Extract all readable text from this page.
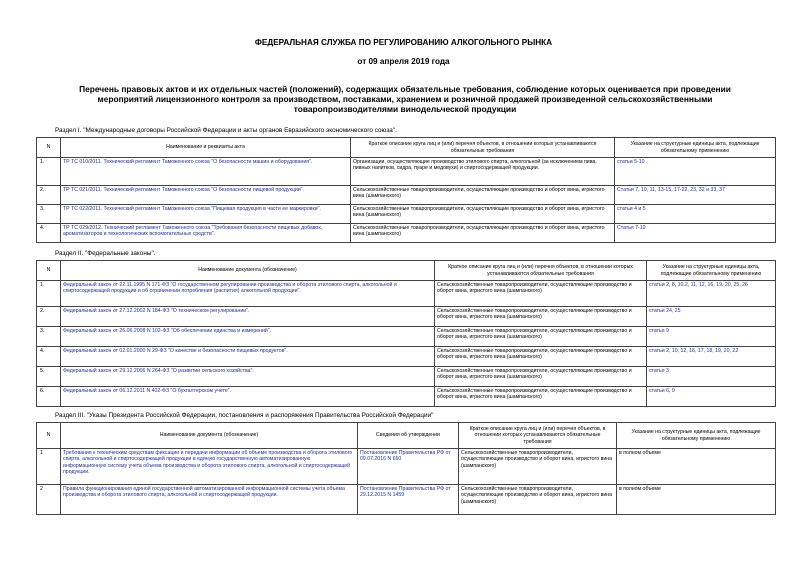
ФЕДЕРАЛЬНАЯ СЛУЖБА ПО РЕГУЛИРОВАНИЮ АЛКОГОЛЬНОГО РЫНКА
от 09 апреля 2019 года
Перечень правовых актов и их отдельных частей (положений), содержащих обязательные требования, соблюдение которых оценивается при проведении мероприятий лицензионного контроля за производством, поставками, хранением и розничной продажей произведенной сельскохозяйственными товаропроизводителями винодельческой продукции
Раздел I. "Международные договоры Российской Федерации и акты органов Евразийского экономического союза".
N	Наименование и реквизиты акта	Краткое описание круга лиц и (или) перечня объектов, в отношении которых устанавливаются обязательные требования	Указание на структурные единицы акта, подлежащие обязательному применению
1.	ТР ТС 010/2011. Технический регламент Таможенного союза "О безопасности машин и оборудования".	Организации, осуществляющие производство этилового спирта, алкогольной (за исключением пива, пивных напитков, сидра, пуаре и медовухи) и спиртосодержащей продукции.	статьи 5-10
2.	ТР ТС 021/2011. Технический регламент Таможенного союза "О безопасности пищевой продукции".	Сельскохозяйственные товаропроизводители, осуществляющие производство и оборот вина, игристого вина (шампанского)	Статьи 7, 10, 11, 13-15, 17-22, 23, 32 и 33, 37
3.	ТР ТС 022/2011. Технический регламент Таможенного союза "Пищевая продукция в части ее маркировки".	Сельскохозяйственные товаропроизводители, осуществляющие производство и оборот вина, игристого вина (шампанского)	статьи 4 и 5
4.	ТР ТС 029/2012. Технический регламент Таможенного союза "Требования безопасности пищевых добавок, ароматизаторов и технологических вспомогательных средств".	Сельскохозяйственные товаропроизводители, осуществляющие производство и оборот вина, игристого вина (шампанского)	Статья 7-10
Раздел II. "Федеральные законы".
N	Наименование документа (обозначение)	Краткое описание круга лиц и (или) перечня объектов, в отношении которых устанавливаются обязательные требования	Указание на структурные единицы акта, подлежащие обязательному применению
1.	Федеральный закон от 22.11.1995 N 171-ФЗ "О государственном регулировании производства и оборота этилового спирта, алкогольной и спиртосодержащей продукции и об ограничении потребления (распития) алкогольной продукции".	Сельскохозяйственные товаропроизводители, осуществляющие производство и оборот вина, игристого вина (шампанского)	статьи 2, 8, 10.2, 11, 12, 16, 19, 20, 25, 26
2.	Федеральный закон от 27.12.2002 N 184-ФЗ "О техническом регулировании".	Сельскохозяйственные товаропроизводители, осуществляющие производство и оборот вина, игристого вина (шампанского)	статьи 24, 25
3.	Федеральный закон от 26.06.2008 N 102-ФЗ "Об обеспечении единства и измерений".	Сельскохозяйственные товаропроизводители, осуществляющие производство и оборот вина, игристого вина (шампанского)	статья 9
4.	Федеральный закон от 02.01.2000 N 29-ФЗ "О качестве и безопасности пищевых продуктов".	Сельскохозяйственные товаропроизводители, осуществляющие производство и оборот вина, игристого вина (шампанского)	статьи 2, 10, 12, 16, 17, 18, 19, 20, 22
5.	Федеральный закон от 29.12.2006 N 264-ФЗ "О развитии сельского хозяйства".	Сельскохозяйственные товаропроизводители, осуществляющие производство и оборот вина, игристого вина (шампанского)	статья 3
6.	Федеральный закон от 06.12.2011 N 402-ФЗ "О бухгалтерском учете".	Сельскохозяйственные товаропроизводители, осуществляющие производство и оборот вина, игристого вина (шампанского)	статьи 6, 9
Раздел III. "Указы Президента Российской Федерации, постановления и распоряжения Правительства Российской Федерации"
N	Наименование документа (обозначение)	Сведения об утверждении	Краткое описание круга лиц и (или) перечня объектов, в отношении которых устанавливаются обязательные требования	Указание на структурные единицы акта, подлежащие обязательному применению
1	Требования к техническим средствам фиксации и передачи информации об объеме производства и оборота этилового спирта, алкогольной и спиртосодержащей продукции в единую государственную автоматизированную информационную систему учета объема производства и оборота этилового спирта, алкогольной и спиртосодержащей продукции.	Постановление Правительства РФ от 09.07.2016 N 650	Сельскохозяйственные товаропроизводители, осуществляющие производство и оборот вина, игристого вина (шампанского)	в полном объеме
2	Правила функционирования единой государственной автоматизированной информационной системы учета объема производства и оборота этилового спирта, алкогольной и спиртосодержащей продукции.	Постановление Правительства РФ от 29.12.2015 N 1459	Сельскохозяйственные товаропроизводители, осуществляющие производство и оборот вина, игристого вина (шампанского)	в полном объеме
